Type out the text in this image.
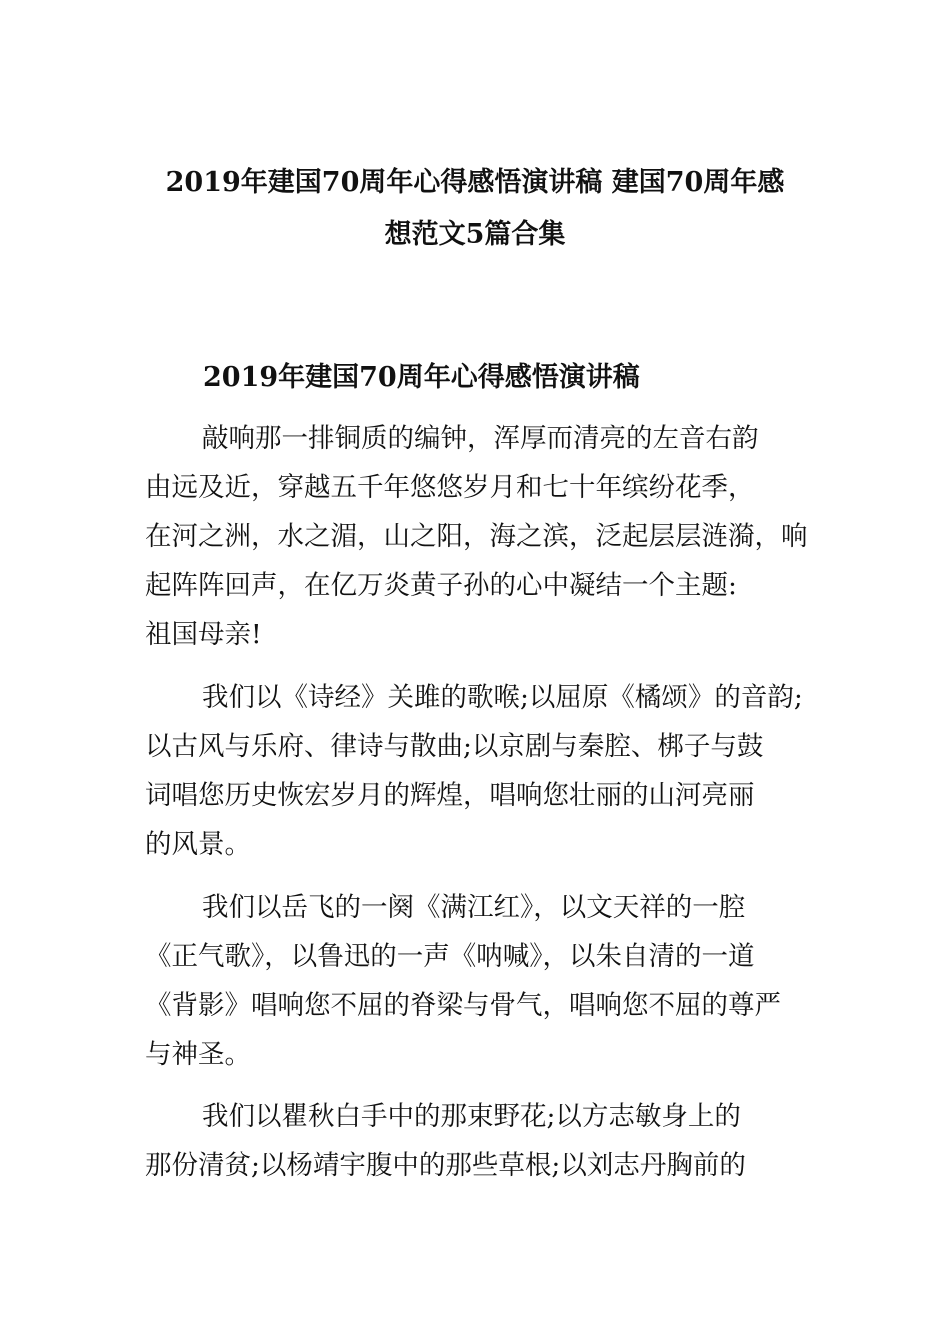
2019年建国70周年心得感悟演讲稿 建国70周年感
想范文5篇合集
2019年建国70周年心得感悟演讲稿

敲响那一排铜质的编钟，浑厚而清亮的左音右韵
由远及近，穿越五千年悠悠岁月和七十年缤纷花季，
在河之洲，水之湄，山之阳，海之滨，泛起层层涟漪，响
起阵阵回声，在亿万炎黄子孙的心中凝结一个主题:
祖国母亲!

我们以《诗经》关雎的歌喉;以屈原《橘颂》的音韵;
以古风与乐府、律诗与散曲;以京剧与秦腔、梆子与鼓
词唱您历史恢宏岁月的辉煌，唱响您壮丽的山河亮丽
的风景。

我们以岳飞的一阕《满江红》，以文天祥的一腔
《正气歌》，以鲁迅的一声《呐喊》，以朱自清的一道
《背影》唱响您不屈的脊梁与骨气，唱响您不屈的尊严
与神圣。

我们以瞿秋白手中的那束野花;以方志敏身上的
那份清贫;以杨靖宇腹中的那些草根;以刘志丹胸前的
